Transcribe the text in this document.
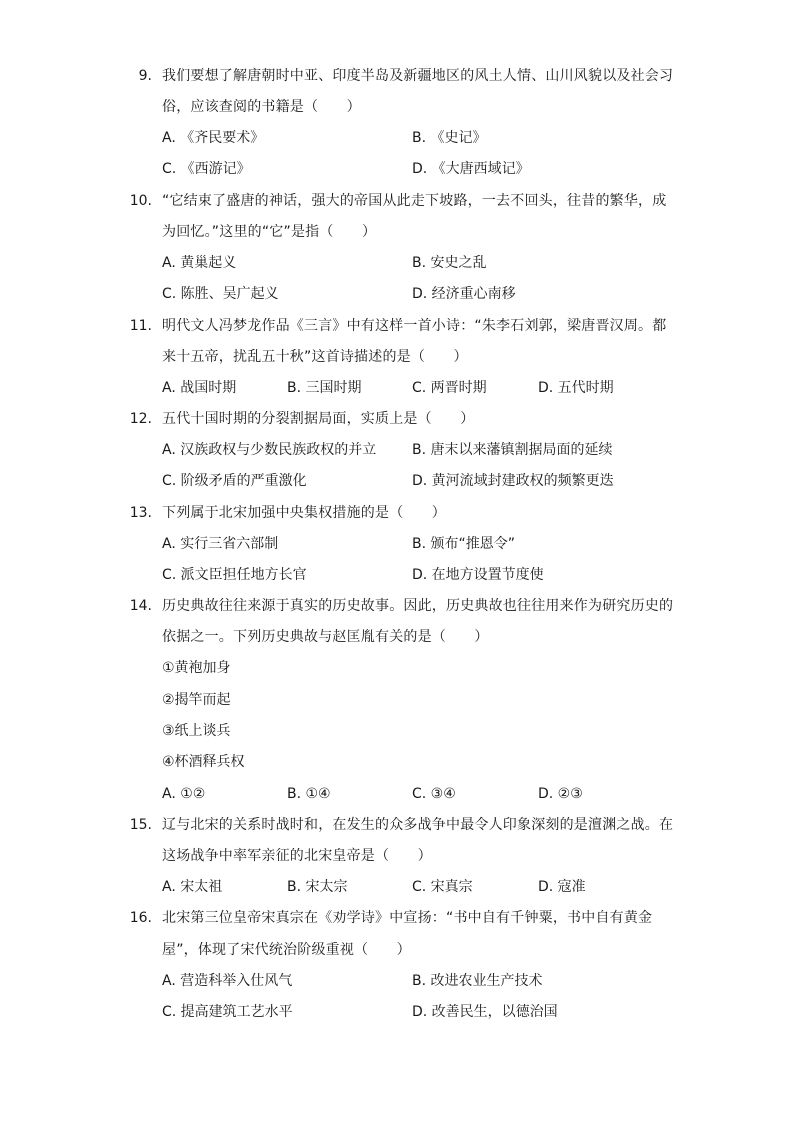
9. 我们要想了解唐朝时中亚、印度半岛及新疆地区的风土人情、山川风貌以及社会习
俗，应该查阅的书籍是（　　）
A. 《齐民要术》	B. 《史记》
C. 《西游记》	D. 《大唐西域记》
10. “它结束了盛唐的神话，强大的帝国从此走下坡路，一去不回头，往昔的繁华，成
为回忆。”这里的“它”是指（　　）
A. 黄巢起义	B. 安史之乱
C. 陈胜、吴广起义	D. 经济重心南移
11. 明代文人冯梦龙作品《三言》中有这样一首小诗：“朱李石刘郭，梁唐晋汉周。都
来十五帝，扰乱五十秋”这首诗描述的是（　　）
A. 战国时期	B. 三国时期	C. 两晋时期	D. 五代时期
12. 五代十国时期的分裂割据局面，实质上是（　　）
A. 汉族政权与少数民族政权的并立	B. 唐末以来藩镇割据局面的延续
C. 阶级矛盾的严重激化	D. 黄河流域封建政权的频繁更迭
13. 下列属于北宋加强中央集权措施的是（　　）
A. 实行三省六部制	B. 颁布“推恩令”
C. 派文臣担任地方长官	D. 在地方设置节度使
14. 历史典故往往来源于真实的历史故事。因此，历史典故也往往用来作为研究历史的
依据之一。下列历史典故与赵匡胤有关的是（　　）
①黄袍加身
②揭竿而起
③纸上谈兵
④杯酒释兵权
A. ①②	B. ①④	C. ③④	D. ②③
15. 辽与北宋的关系时战时和，在发生的众多战争中最令人印象深刻的是澶渊之战。在
这场战争中率军亲征的北宋皇帝是（　　）
A. 宋太祖	B. 宋太宗	C. 宋真宗	D. 寇准
16. 北宋第三位皇帝宋真宗在《劝学诗》中宣扬：“书中自有千钟粟，书中自有黄金
屋”，体现了宋代统治阶级重视（　　）
A. 营造科举入仕风气	B. 改进农业生产技术
C. 提高建筑工艺水平	D. 改善民生，以德治国
